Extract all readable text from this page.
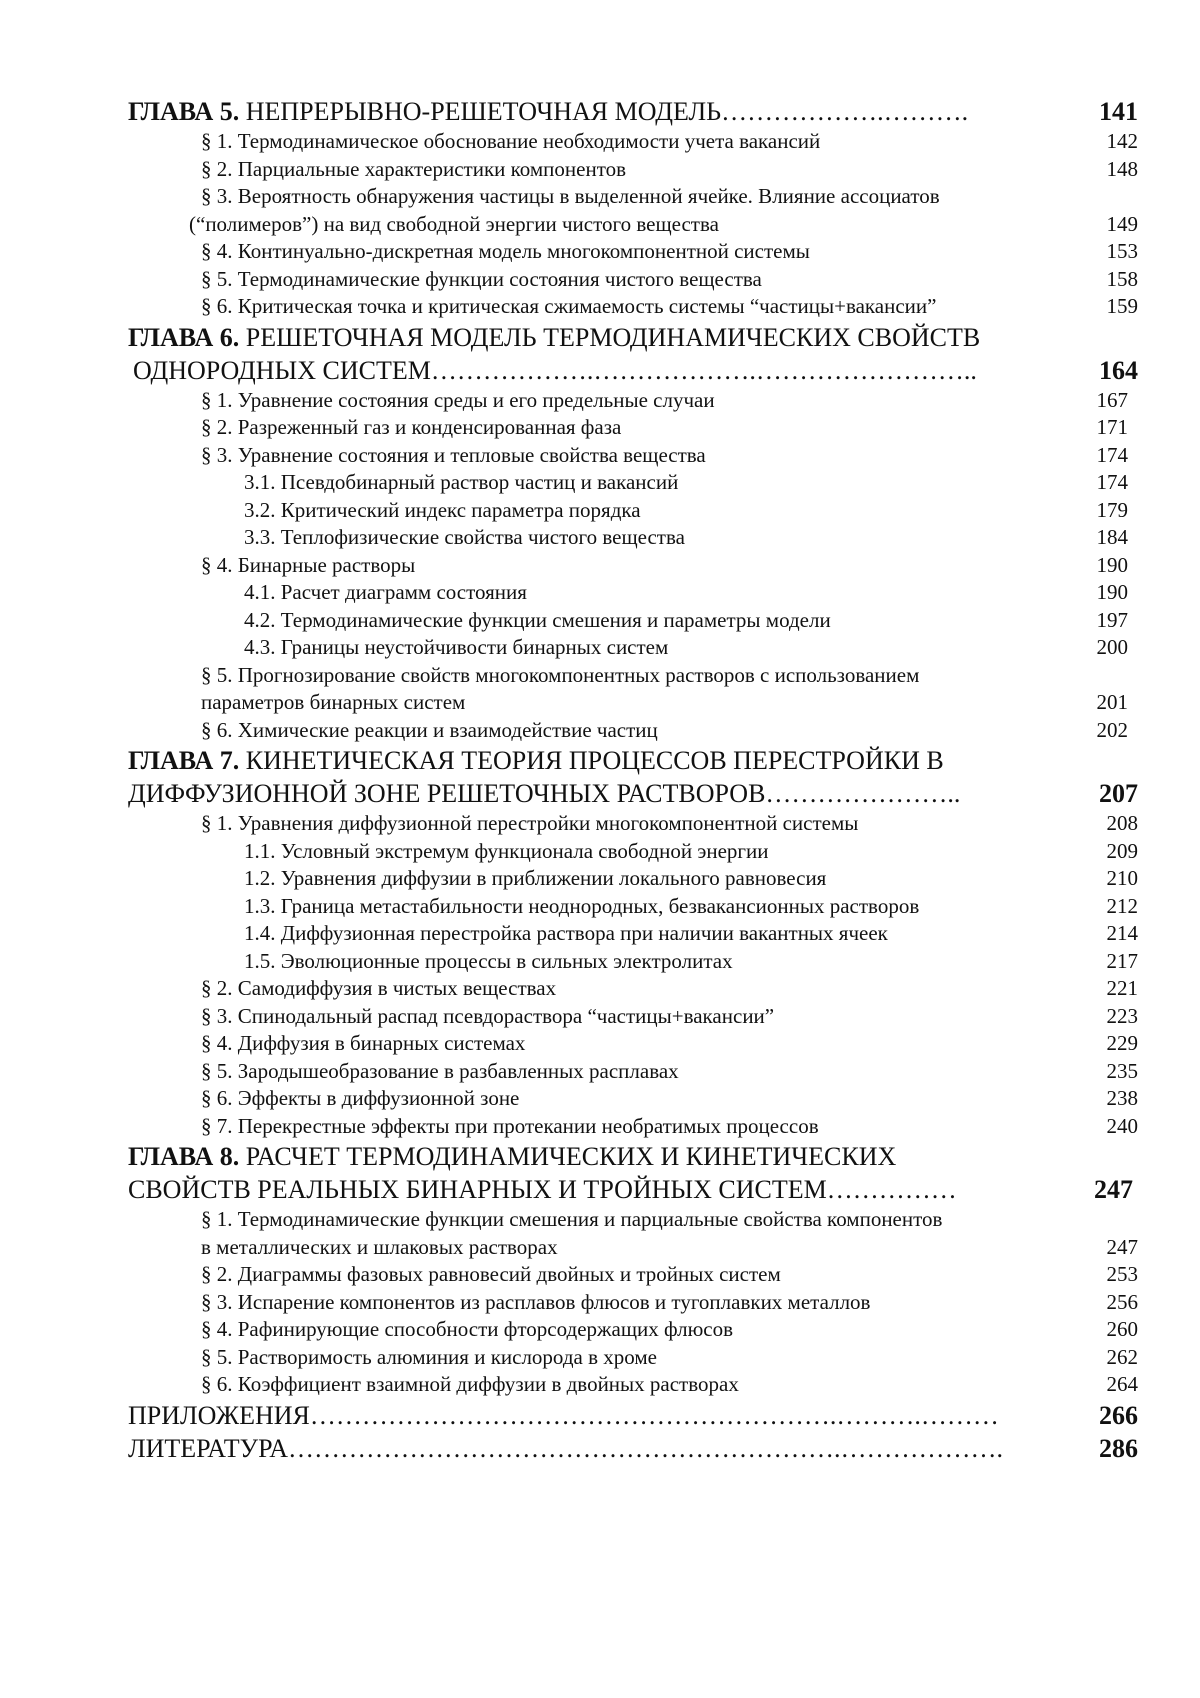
ГЛАВА 5. НЕПРЕРЫВНО-РЕШЕТОЧНАЯ МОДЕЛЬ……………….……….	141
§ 1. Термодинамическое обоснование необходимости учета вакансий	142
§ 2. Парциальные характеристики компонентов	148
§ 3. Вероятность обнаружения частицы в выделенной ячейке. Влияние ассоциатов
(“полимеров”) на вид свободной энергии чистого вещества	149
§ 4. Континуально-дискретная модель многокомпонентной системы	153
§ 5. Термодинамические функции состояния чистого вещества	158
§ 6. Критическая точка и критическая сжимаемость системы “частицы+вакансии”	159
ГЛАВА 6. РЕШЕТОЧНАЯ МОДЕЛЬ ТЕРМОДИНАМИЧЕСКИХ СВОЙСТВ
ОДНОРОДНЫХ СИСТЕМ……………….……………….……………………..	164
§ 1. Уравнение состояния среды и его предельные случаи	167
§ 2. Разреженный газ и конденсированная фаза	171
§ 3. Уравнение состояния и тепловые свойства вещества	174
3.1. Псевдобинарный раствор частиц и вакансий	174
3.2. Критический индекс параметра порядка	179
3.3. Теплофизические свойства чистого вещества	184
§ 4. Бинарные растворы	190
4.1. Расчет диаграмм состояния	190
4.2. Термодинамические функции смешения и параметры модели	197
4.3. Границы неустойчивости бинарных систем	200
§ 5. Прогнозирование свойств многокомпонентных растворов с использованием
параметров бинарных систем	201
§ 6. Химические реакции и взаимодействие частиц	202
ГЛАВА 7. КИНЕТИЧЕСКАЯ ТЕОРИЯ ПРОЦЕССОВ ПЕРЕСТРОЙКИ В
ДИФФУЗИОННОЙ ЗОНЕ РЕШЕТОЧНЫХ РАСТВОРОВ…………………..	207
§ 1. Уравнения диффузионной перестройки многокомпонентной системы	208
1.1. Условный экстремум функционала свободной энергии	209
1.2. Уравнения диффузии в приближении локального равновесия	210
1.3. Граница метастабильности неоднородных, безвакансионных растворов	212
1.4. Диффузионная перестройка раствора при наличии вакантных ячеек	214
1.5. Эволюционные процессы в сильных электролитах	217
§ 2. Самодиффузия в чистых веществах	221
§ 3. Спинодальный распад псевдораствора “частицы+вакансии”	223
§ 4. Диффузия в бинарных системах	229
§ 5. Зародышеобразование в разбавленных расплавах	235
§ 6. Эффекты в диффузионной зоне	238
§ 7. Перекрестные эффекты при протекании необратимых процессов	240
ГЛАВА 8. РАСЧЕТ ТЕРМОДИНАМИЧЕСКИХ И КИНЕТИЧЕСКИХ
СВОЙСТВ РЕАЛЬНЫХ БИНАРНЫХ И ТРОЙНЫХ СИСТЕМ……………	247
§ 1. Термодинамические функции смешения и парциальные свойства компонентов
в металлических и шлаковых растворах	247
§ 2. Диаграммы фазовых равновесий двойных и тройных систем	253
§ 3. Испарение компонентов из расплавов флюсов и тугоплавких металлов	256
§ 4. Рафинирующие способности фторсодержащих флюсов	260
§ 5. Растворимость алюминия и кислорода в хроме	262
§ 6. Коэффициент взаимной диффузии в двойных растворах	264
ПРИЛОЖЕНИЯ…………………………………………………….……….………	266
ЛИТЕРАТУРА……………………………………………………….……………….	286
